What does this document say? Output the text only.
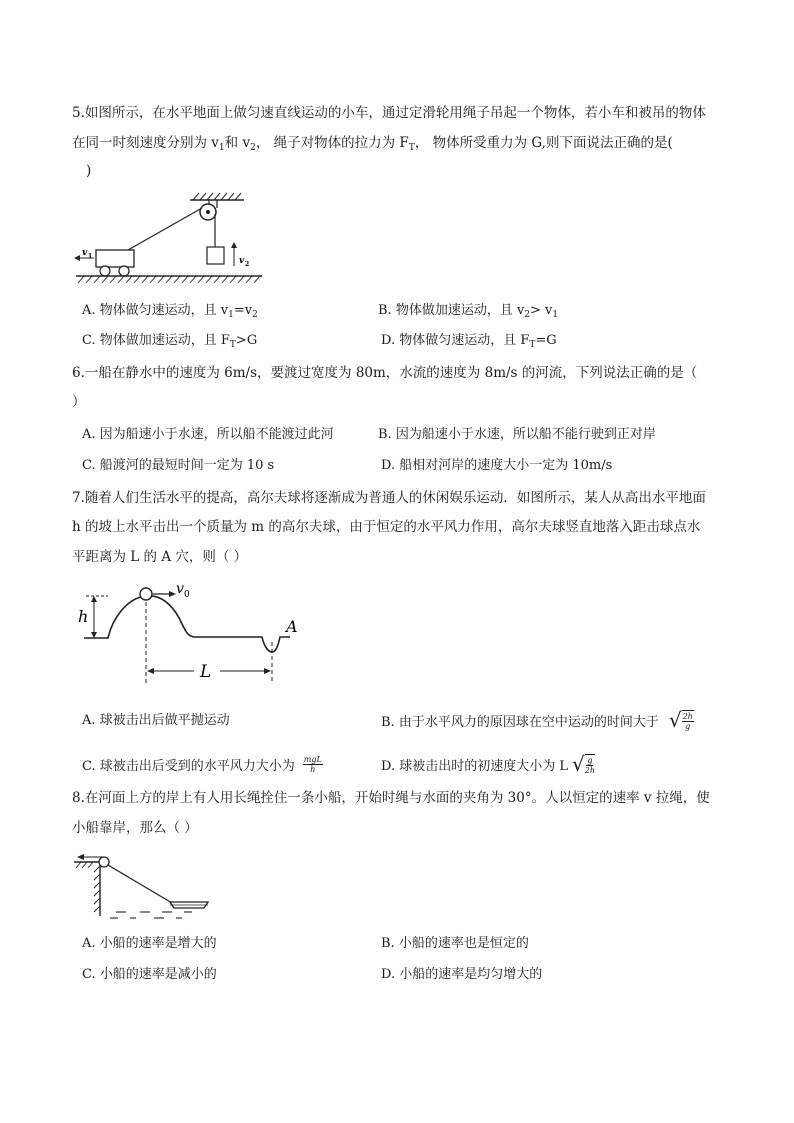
5.如图所示，在水平地面上做匀速直线运动的小车，通过定滑轮用绳子吊起一个物体，若小车和被吊的物体
在同一时刻速度分别为 $v_1$和 $v_2$， 绳子对物体的拉力为 $F_T$， 物体所受重力为 G,则下面说法正确的是(
)
v 2
v 1
A. 物体做匀速运动，且 $v_1=v_2$	B. 物体做加速运动，且 $v_2> v_1$
C. 物体做加速运动，且 $F_T>G$	D. 物体做匀速运动，且 $F_T=G$
6.一船在静水中的速度为 6m/s，要渡过宽度为 80m，水流的速度为 8m/s 的河流，下列说法正确的是（
）
A. 因为船速小于水速，所以船不能渡过此河	B. 因为船速小于水速，所以船不能行驶到正对岸
C. 船渡河的最短时间一定为 10 s	D. 船相对河岸的速度大小一定为 10m/s
7.随着人们生活水平的提高，高尔夫球将逐渐成为普通人的休闲娱乐运动．如图所示，某人从高出水平地面
h 的坡上水平击出一个质量为 m 的高尔夫球，由于恒定的水平风力作用，高尔夫球竖直地落入距击球点水
平距离为 L 的 A 穴，则（ ）
v 0
h
A
L
A. 球被击出后做平抛运动	B. 由于水平风力的原因球在空中运动的时间大于 √ $\frac{2h}{g}$
C. 球被击出后受到的水平风力大小为 $\frac{\text{mgL}}{h}$	D. 球被击出时的初速度大小为 L √ $\frac{g}{2h}$
8.在河面上方的岸上有人用长绳拴住一条小船，开始时绳与水面的夹角为 30°。人以恒定的速率 v 拉绳，使
小船靠岸，那么（ ）
A. 小船的速率是增大的	B. 小船的速率也是恒定的
C. 小船的速率是减小的	D. 小船的速率是均匀增大的
